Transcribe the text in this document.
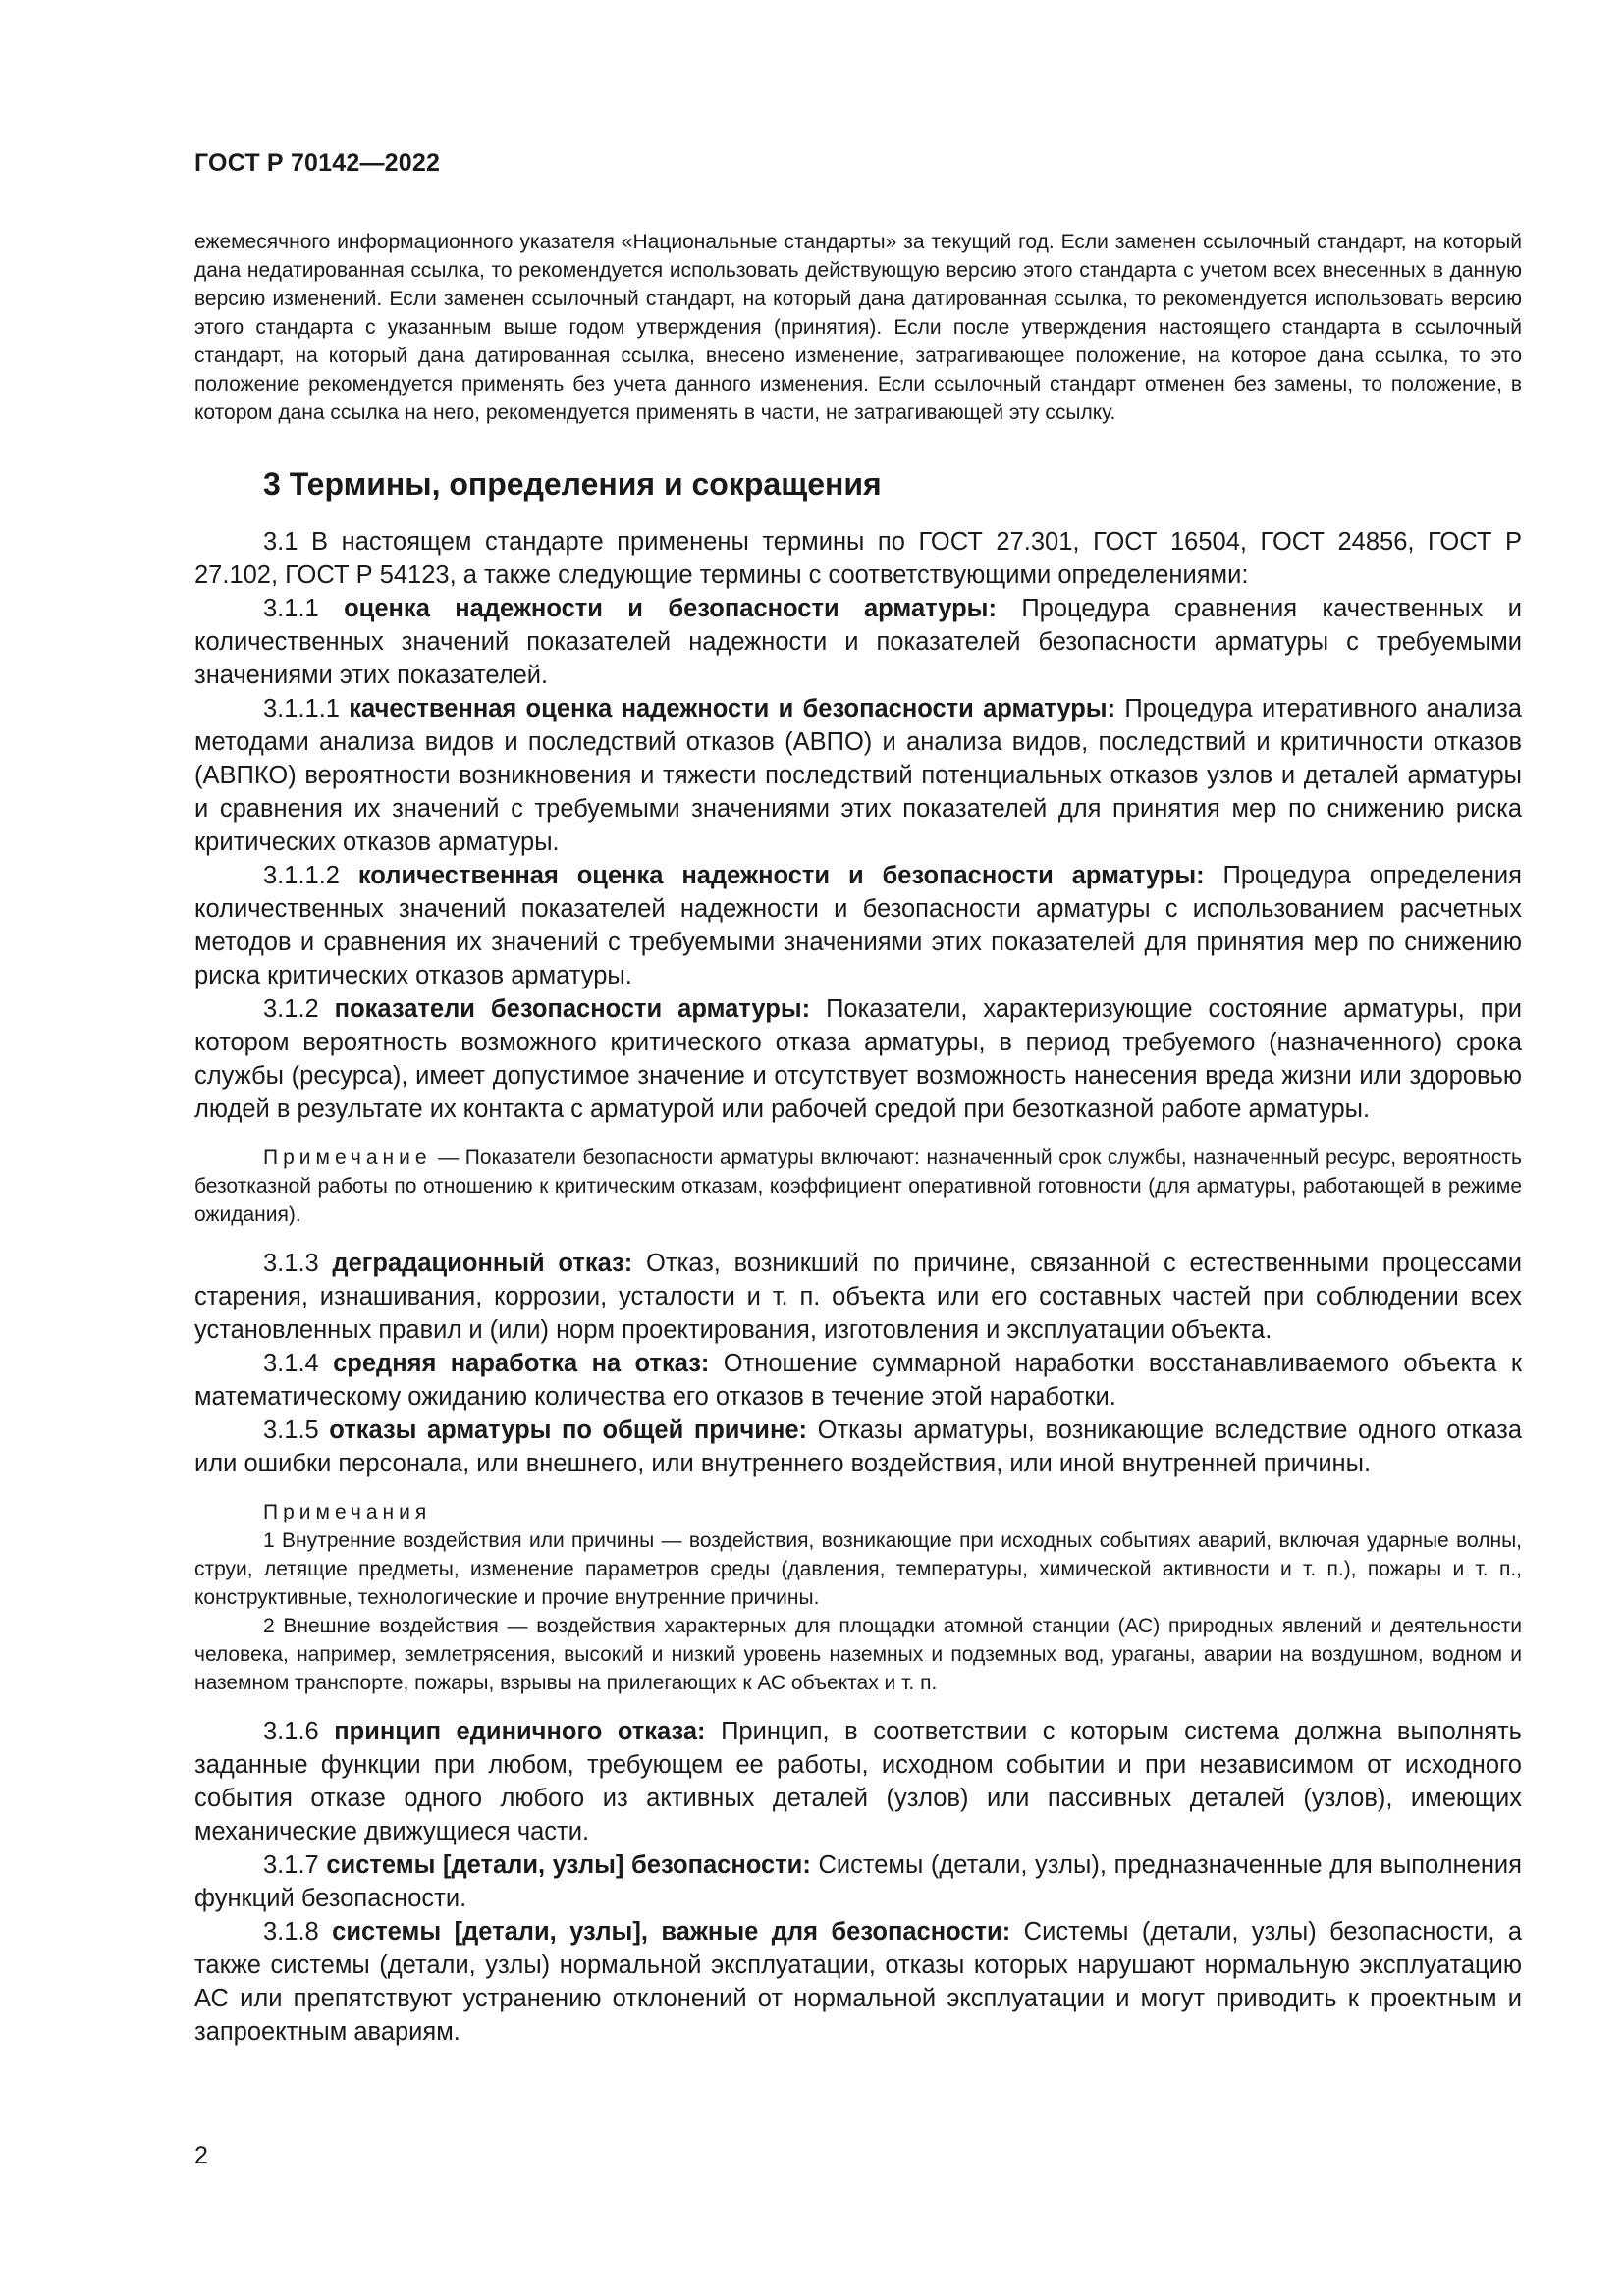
ГОСТ Р 70142—2022

ежемесячного информационного указателя «Национальные стандарты» за текущий год. Если заменен ссылочный стандарт, на который дана недатированная ссылка, то рекомендуется использовать действующую версию этого стандарта с учетом всех внесенных в данную версию изменений. Если заменен ссылочный стандарт, на который дана датированная ссылка, то рекомендуется использовать версию этого стандарта с указанным выше годом утверждения (принятия). Если после утверждения настоящего стандарта в ссылочный стандарт, на который дана датированная ссылка, внесено изменение, затрагивающее положение, на которое дана ссылка, то это положение рекомендуется применять без учета данного изменения. Если ссылочный стандарт отменен без замены, то положение, в котором дана ссылка на него, рекомендуется применять в части, не затрагивающей эту ссылку.

3 Термины, определения и сокращения

3.1 В настоящем стандарте применены термины по ГОСТ 27.301, ГОСТ 16504, ГОСТ 24856, ГОСТ Р 27.102, ГОСТ Р 54123, а также следующие термины с соответствующими определениями:

3.1.1 оценка надежности и безопасности арматуры: Процедура сравнения качественных и количественных значений показателей надежности и показателей безопасности арматуры с требуемыми значениями этих показателей.

3.1.1.1 качественная оценка надежности и безопасности арматуры: Процедура итеративного анализа методами анализа видов и последствий отказов (АВПО) и анализа видов, последствий и критичности отказов (АВПКО) вероятности возникновения и тяжести последствий потенциальных отказов узлов и деталей арматуры и сравнения их значений с требуемыми значениями этих показателей для принятия мер по снижению риска критических отказов арматуры.

3.1.1.2 количественная оценка надежности и безопасности арматуры: Процедура определения количественных значений показателей надежности и безопасности арматуры с использованием расчетных методов и сравнения их значений с требуемыми значениями этих показателей для принятия мер по снижению риска критических отказов арматуры.

3.1.2 показатели безопасности арматуры: Показатели, характеризующие состояние арматуры, при котором вероятность возможного критического отказа арматуры, в период требуемого (назначенного) срока службы (ресурса), имеет допустимое значение и отсутствует возможность нанесения вреда жизни или здоровью людей в результате их контакта с арматурой или рабочей средой при безотказной работе арматуры.

Примечание — Показатели безопасности арматуры включают: назначенный срок службы, назначенный ресурс, вероятность безотказной работы по отношению к критическим отказам, коэффициент оперативной готовности (для арматуры, работающей в режиме ожидания).

3.1.3 деградационный отказ: Отказ, возникший по причине, связанной с естественными процессами старения, изнашивания, коррозии, усталости и т. п. объекта или его составных частей при соблюдении всех установленных правил и (или) норм проектирования, изготовления и эксплуатации объекта.

3.1.4 средняя наработка на отказ: Отношение суммарной наработки восстанавливаемого объекта к математическому ожиданию количества его отказов в течение этой наработки.

3.1.5 отказы арматуры по общей причине: Отказы арматуры, возникающие вследствие одного отказа или ошибки персонала, или внешнего, или внутреннего воздействия, или иной внутренней причины.

Примечания

1 Внутренние воздействия или причины — воздействия, возникающие при исходных событиях аварий, включая ударные волны, струи, летящие предметы, изменение параметров среды (давления, температуры, химической активности и т. п.), пожары и т. п., конструктивные, технологические и прочие внутренние причины.

2 Внешние воздействия — воздействия характерных для площадки атомной станции (АС) природных явлений и деятельности человека, например, землетрясения, высокий и низкий уровень наземных и подземных вод, ураганы, аварии на воздушном, водном и наземном транспорте, пожары, взрывы на прилегающих к АС объектах и т. п.

3.1.6 принцип единичного отказа: Принцип, в соответствии с которым система должна выполнять заданные функции при любом, требующем ее работы, исходном событии и при независимом от исходного события отказе одного любого из активных деталей (узлов) или пассивных деталей (узлов), имеющих механические движущиеся части.

3.1.7 системы [детали, узлы] безопасности: Системы (детали, узлы), предназначенные для выполнения функций безопасности.

3.1.8 системы [детали, узлы], важные для безопасности: Системы (детали, узлы) безопасности, а также системы (детали, узлы) нормальной эксплуатации, отказы которых нарушают нормальную эксплуатацию АС или препятствуют устранению отклонений от нормальной эксплуатации и могут приводить к проектным и запроектным авариям.

2
